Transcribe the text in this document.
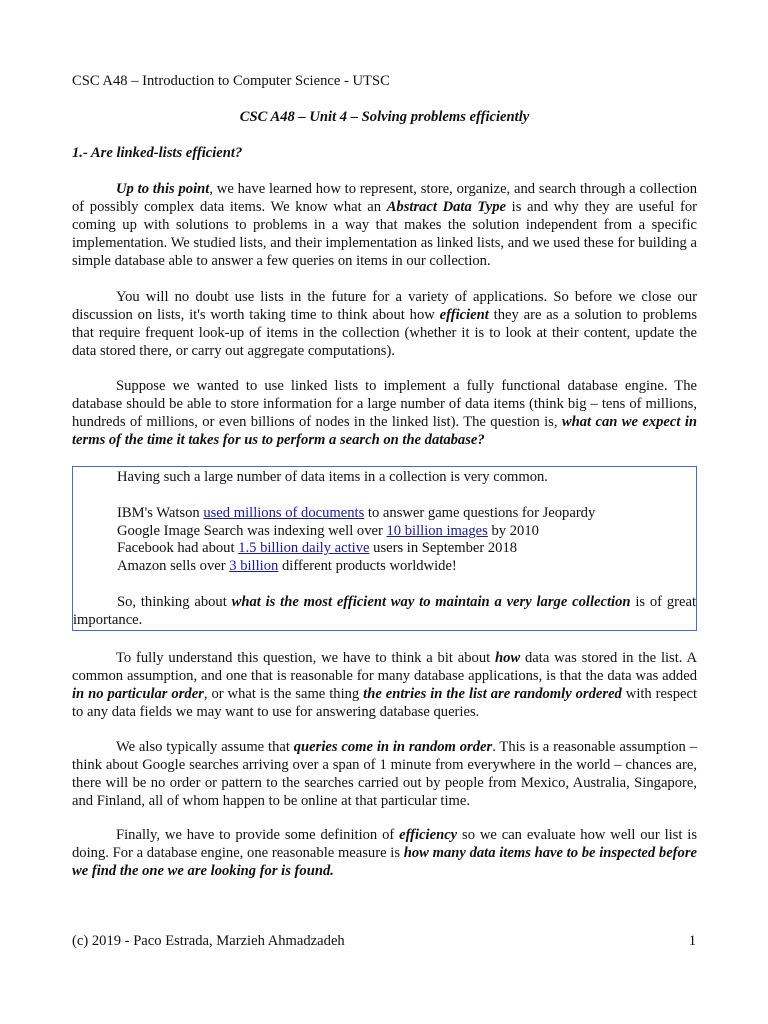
CSC A48 – Introduction to Computer Science - UTSC
CSC A48 – Unit 4 – Solving problems efficiently
1.- Are linked-lists efficient?

Up to this point, we have learned how to represent, store, organize, and search through a collection of possibly complex data items. We know what an Abstract Data Type is and why they are useful for coming up with solutions to problems in a way that makes the solution independent from a specific implementation. We studied lists, and their implementation as linked lists, and we used these for building a simple database able to answer a few queries on items in our collection.

You will no doubt use lists in the future for a variety of applications. So before we close our discussion on lists, it's worth taking time to think about how efficient they are as a solution to problems that require frequent look-up of items in the collection (whether it is to look at their content, update the data stored there, or carry out aggregate computations).

Suppose we wanted to use linked lists to implement a fully functional database engine. The database should be able to store information for a large number of data items (think big – tens of millions, hundreds of millions, or even billions of nodes in the linked list). The question is, what can we expect in terms of the time it takes for us to perform a search on the database?

Having such a large number of data items in a collection is very common.
IBM's Watson used millions of documents to answer game questions for Jeopardy
Google Image Search was indexing well over 10 billion images by 2010
Facebook had about 1.5 billion daily active users in September 2018
Amazon sells over 3 billion different products worldwide!

So, thinking about what is the most efficient way to maintain a very large collection is of great importance.

To fully understand this question, we have to think a bit about how data was stored in the list. A common assumption, and one that is reasonable for many database applications, is that the data was added in no particular order, or what is the same thing the entries in the list are randomly ordered with respect to any data fields we may want to use for answering database queries.

We also typically assume that queries come in in random order. This is a reasonable assumption – think about Google searches arriving over a span of 1 minute from everywhere in the world – chances are, there will be no order or pattern to the searches carried out by people from Mexico, Australia, Singapore, and Finland, all of whom happen to be online at that particular time.

Finally, we have to provide some definition of efficiency so we can evaluate how well our list is doing. For a database engine, one reasonable measure is how many data items have to be inspected before we find the one we are looking for is found.

(c) 2019 - Paco Estrada, Marzieh Ahmadzadeh	1
